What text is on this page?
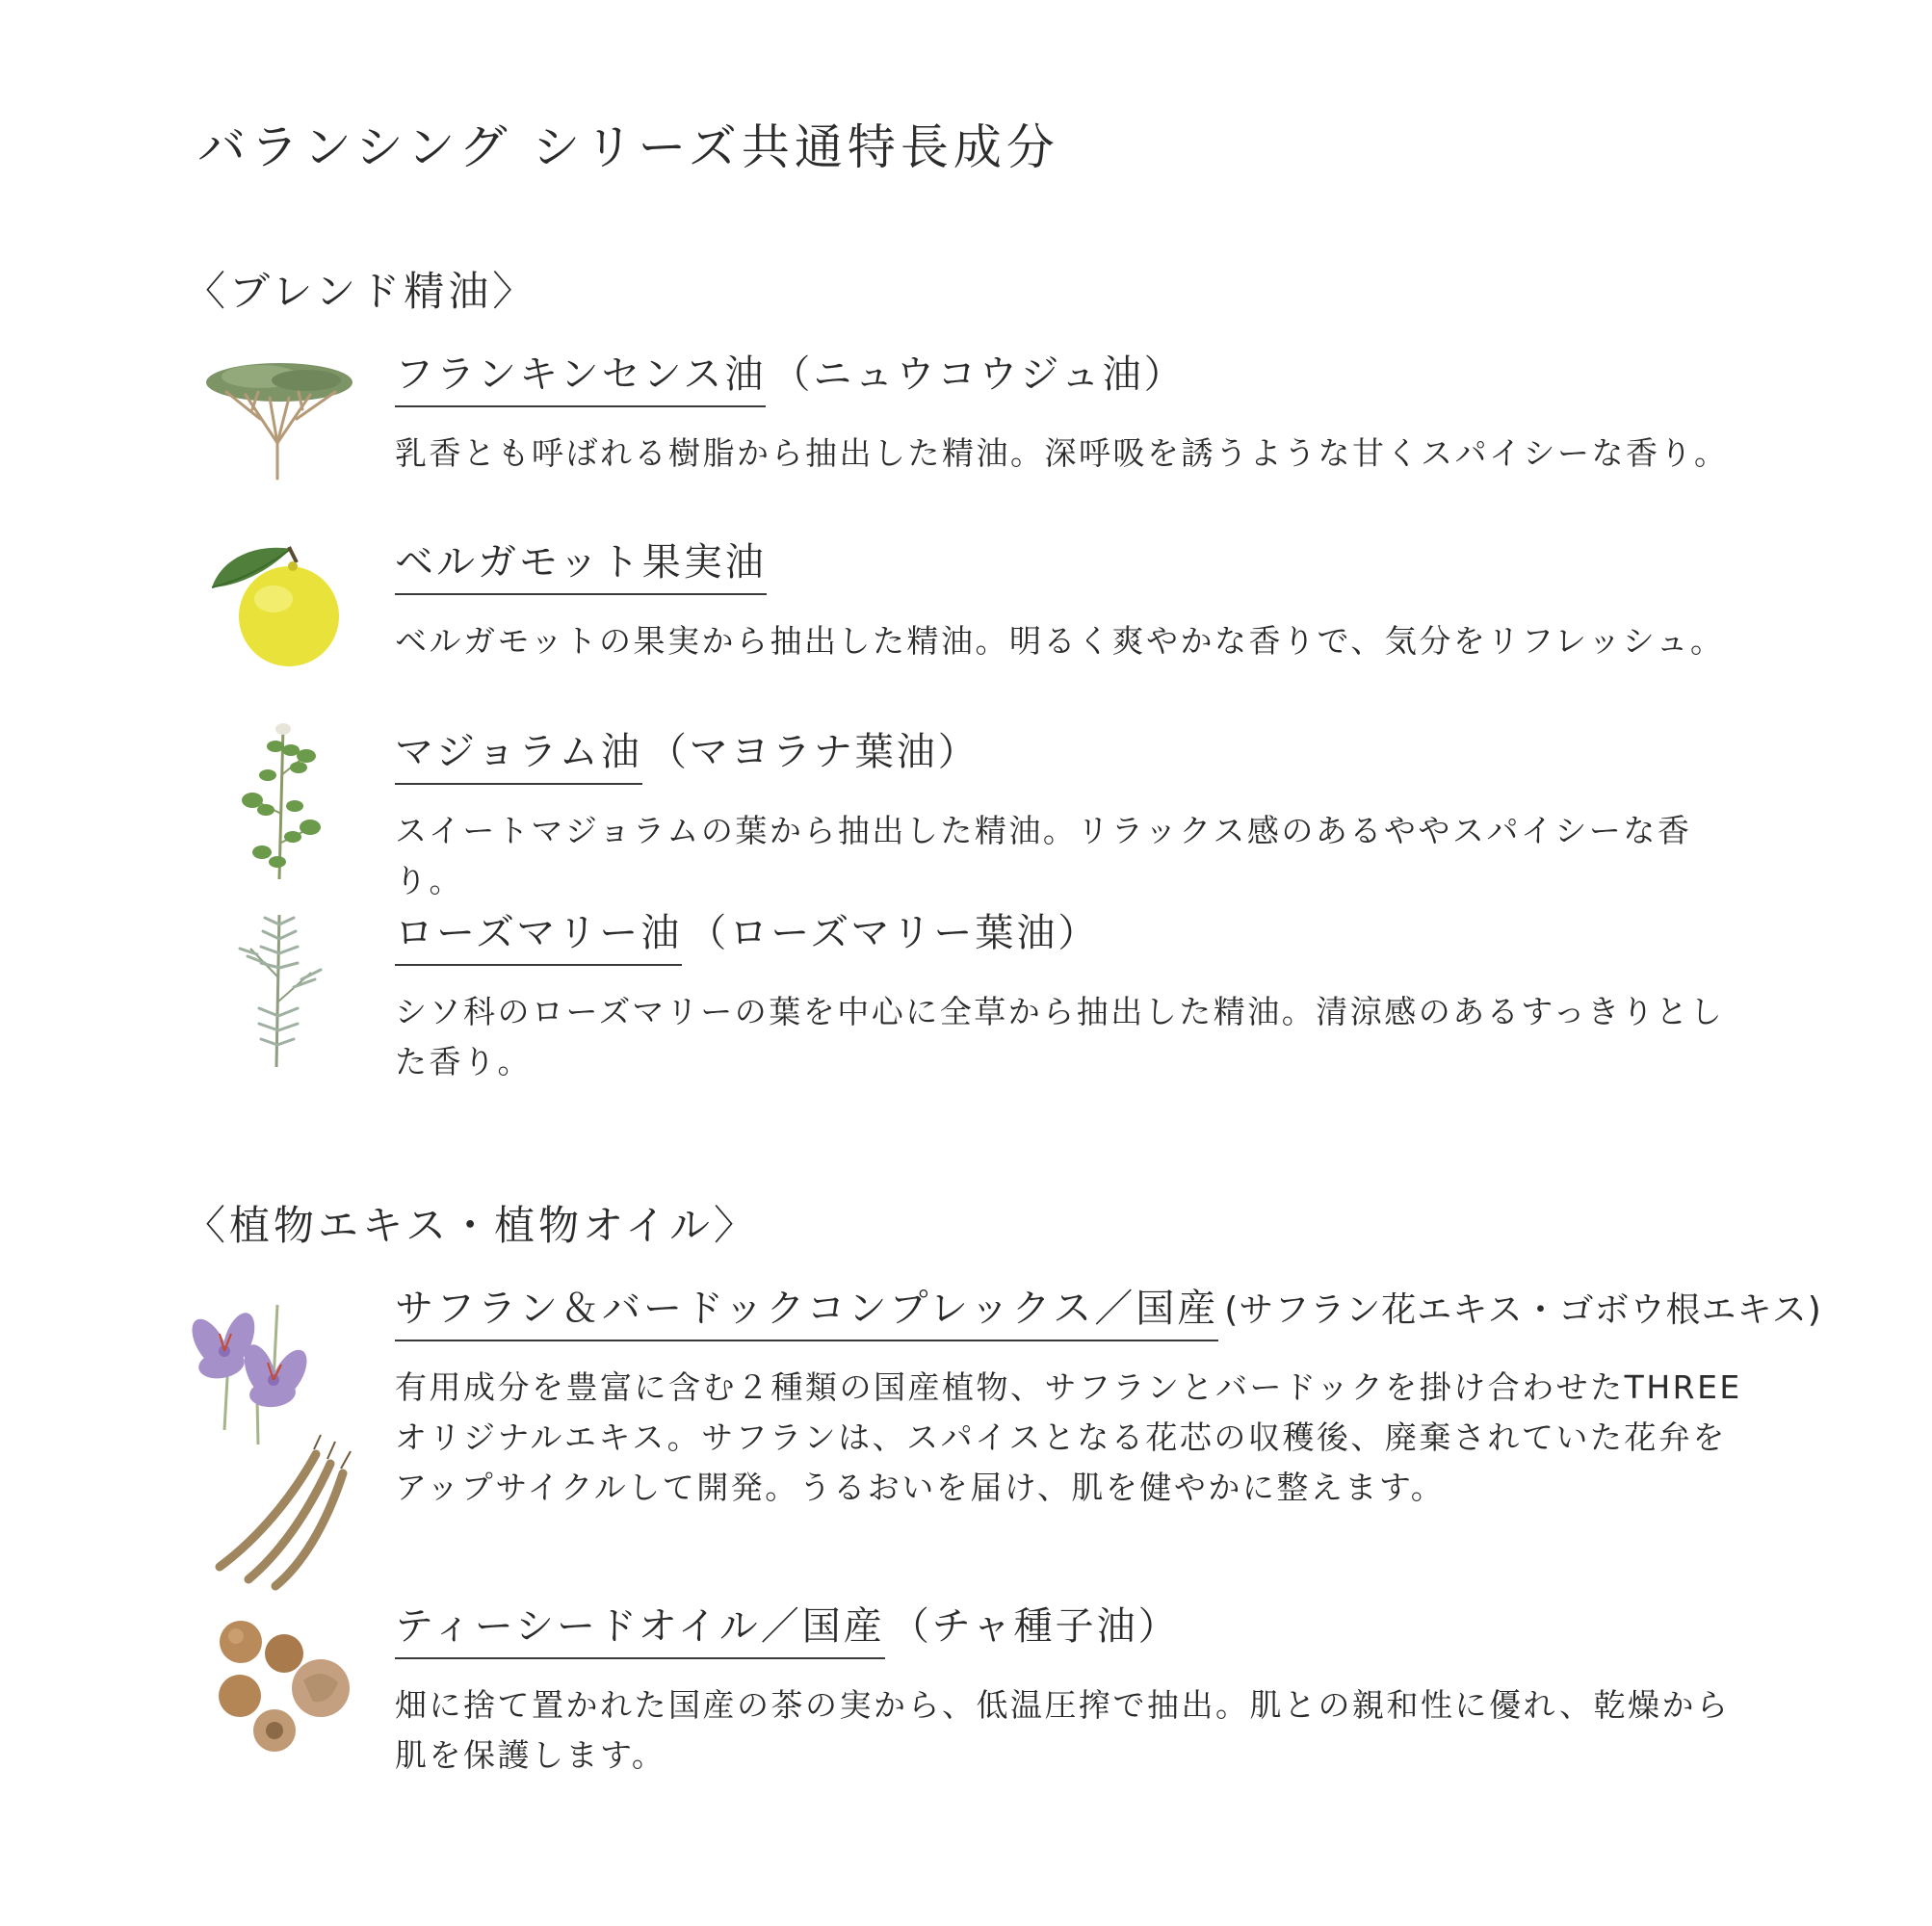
バランシング シリーズ共通特長成分
〈ブレンド精油〉
フランキンセンス油 （ニュウコウジュ油）
乳香とも呼ばれる樹脂から抽出した精油。深呼吸を誘うような甘くスパイシーな香り。
ベルガモット果実油
ベルガモットの果実から抽出した精油。明るく爽やかな香りで、気分をリフレッシュ。
マジョラム油 （マヨラナ葉油）
スイートマジョラムの葉から抽出した精油。リラックス感のあるややスパイシーな香り。
ローズマリー油 （ローズマリー葉油）
シソ科のローズマリーの葉を中心に全草から抽出した精油。清涼感のあるすっきりとした香り。
〈植物エキス・植物オイル〉
サフラン＆バードックコンプレックス／国産 (サフラン花エキス・ゴボウ根エキス)
有用成分を豊富に含む２種類の国産植物、サフランとバードックを掛け合わせたTHREEオリジナルエキス。サフランは、スパイスとなる花芯の収穫後、廃棄されていた花弁をアップサイクルして開発。うるおいを届け、肌を健やかに整えます。
ティーシードオイル／国産 （チャ種子油）
畑に捨て置かれた国産の茶の実から、低温圧搾で抽出。肌との親和性に優れ、乾燥から肌を保護します。
